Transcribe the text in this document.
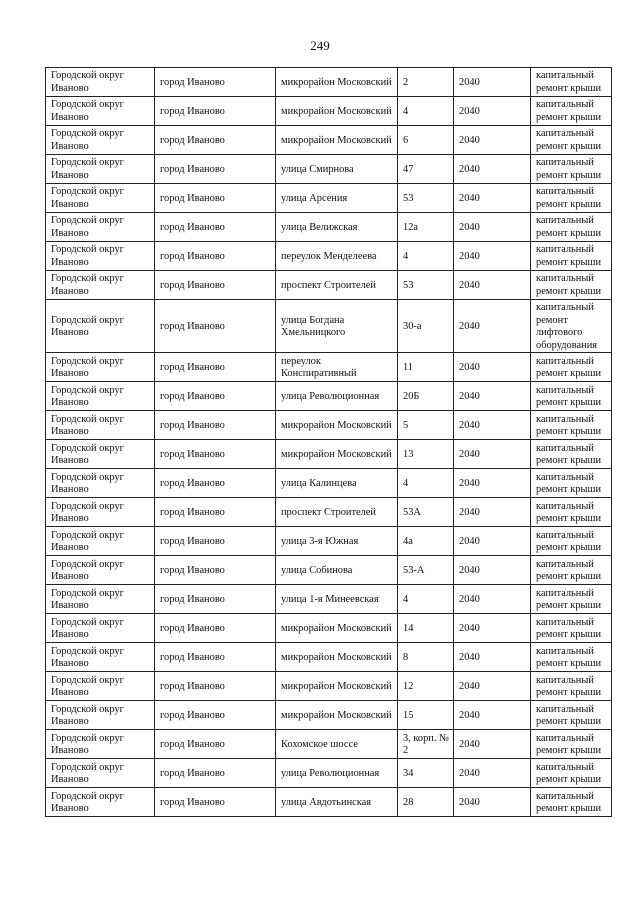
249
Городской округ Иваново	город Иваново	микрорайон Московский	2	2040	капитальный ремонт крыши
Городской округ Иваново	город Иваново	микрорайон Московский	4	2040	капитальный ремонт крыши
Городской округ Иваново	город Иваново	микрорайон Московский	6	2040	капитальный ремонт крыши
Городской округ Иваново	город Иваново	улица Смирнова	47	2040	капитальный ремонт крыши
Городской округ Иваново	город Иваново	улица Арсения	53	2040	капитальный ремонт крыши
Городской округ Иваново	город Иваново	улица Велижская	12а	2040	капитальный ремонт крыши
Городской округ Иваново	город Иваново	переулок Менделеева	4	2040	капитальный ремонт крыши
Городской округ Иваново	город Иваново	проспект Строителей	53	2040	капитальный ремонт крыши
Городской округ Иваново	город Иваново	улица Богдана Хмельницкого	30-а	2040	капитальный ремонт лифтового оборудования
Городской округ Иваново	город Иваново	переулок Конспиративный	11	2040	капитальный ремонт крыши
Городской округ Иваново	город Иваново	улица Революционная	20Б	2040	капитальный ремонт крыши
Городской округ Иваново	город Иваново	микрорайон Московский	5	2040	капитальный ремонт крыши
Городской округ Иваново	город Иваново	микрорайон Московский	13	2040	капитальный ремонт крыши
Городской округ Иваново	город Иваново	улица Калинцева	4	2040	капитальный ремонт крыши
Городской округ Иваново	город Иваново	проспект Строителей	53А	2040	капитальный ремонт крыши
Городской округ Иваново	город Иваново	улица 3-я Южная	4а	2040	капитальный ремонт крыши
Городской округ Иваново	город Иваново	улица Собинова	53-А	2040	капитальный ремонт крыши
Городской округ Иваново	город Иваново	улица 1-я Минеевская	4	2040	капитальный ремонт крыши
Городской округ Иваново	город Иваново	микрорайон Московский	14	2040	капитальный ремонт крыши
Городской округ Иваново	город Иваново	микрорайон Московский	8	2040	капитальный ремонт крыши
Городской округ Иваново	город Иваново	микрорайон Московский	12	2040	капитальный ремонт крыши
Городской округ Иваново	город Иваново	микрорайон Московский	15	2040	капитальный ремонт крыши
Городской округ Иваново	город Иваново	Кохомское шоссе	3, корп. № 2	2040	капитальный ремонт крыши
Городской округ Иваново	город Иваново	улица Революционная	34	2040	капитальный ремонт крыши
Городской округ Иваново	город Иваново	улица Авдотьинская	28	2040	капитальный ремонт крыши
